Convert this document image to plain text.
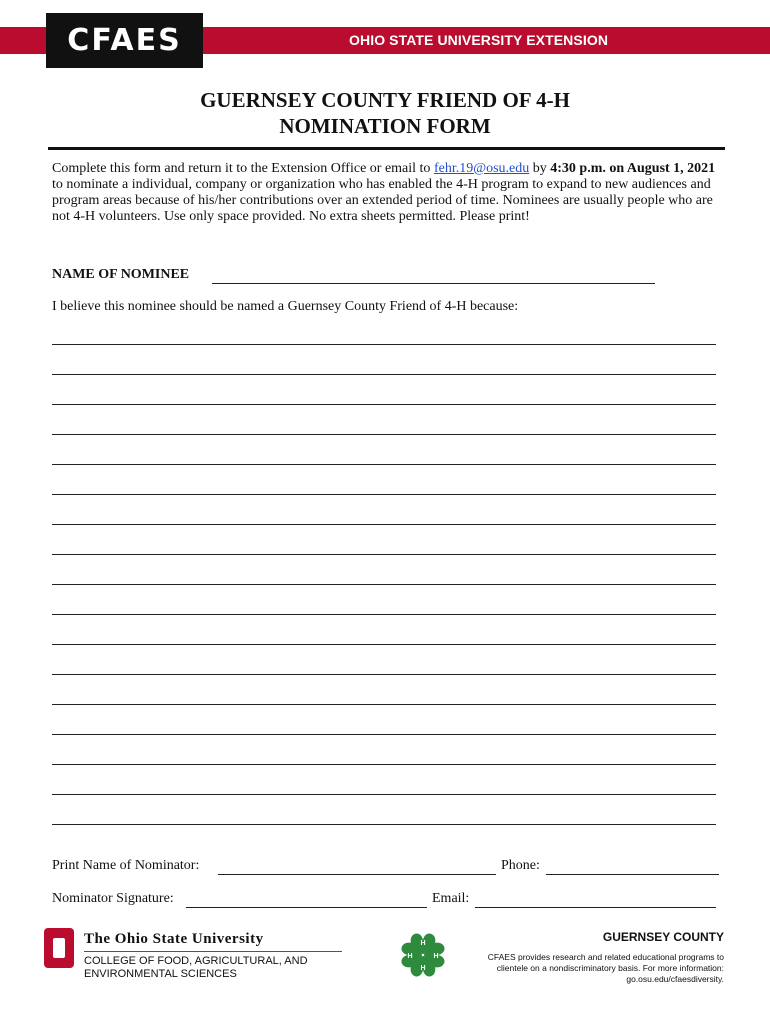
OHIO STATE UNIVERSITY EXTENSION
CFAES
GUERNSEY COUNTY FRIEND OF 4-H
NOMINATION FORM
Complete this form and return it to the Extension Office or email to fehr.19@osu.edu by 4:30 p.m. on August 1, 2021 to nominate a individual, company or organization who has enabled the 4-H program to expand to new audiences and program areas because of his/her contributions over an extended period of time. Nominees are usually people who are not 4-H volunteers. Use only space provided. No extra sheets permitted. Please print!
NAME OF NOMINEE
I believe this nominee should be named a Guernsey County Friend of 4-H because:
Print Name of Nominator:	Phone:
Nominator Signature:	Email:
The Ohio State University
COLLEGE OF FOOD, AGRICULTURAL, AND ENVIRONMENTAL SCIENCES
H
H
H	H
GUERNSEY COUNTY
CFAES provides research and related educational programs to clientele on a nondiscriminatory basis. For more information: go.osu.edu/cfaesdiversity.
